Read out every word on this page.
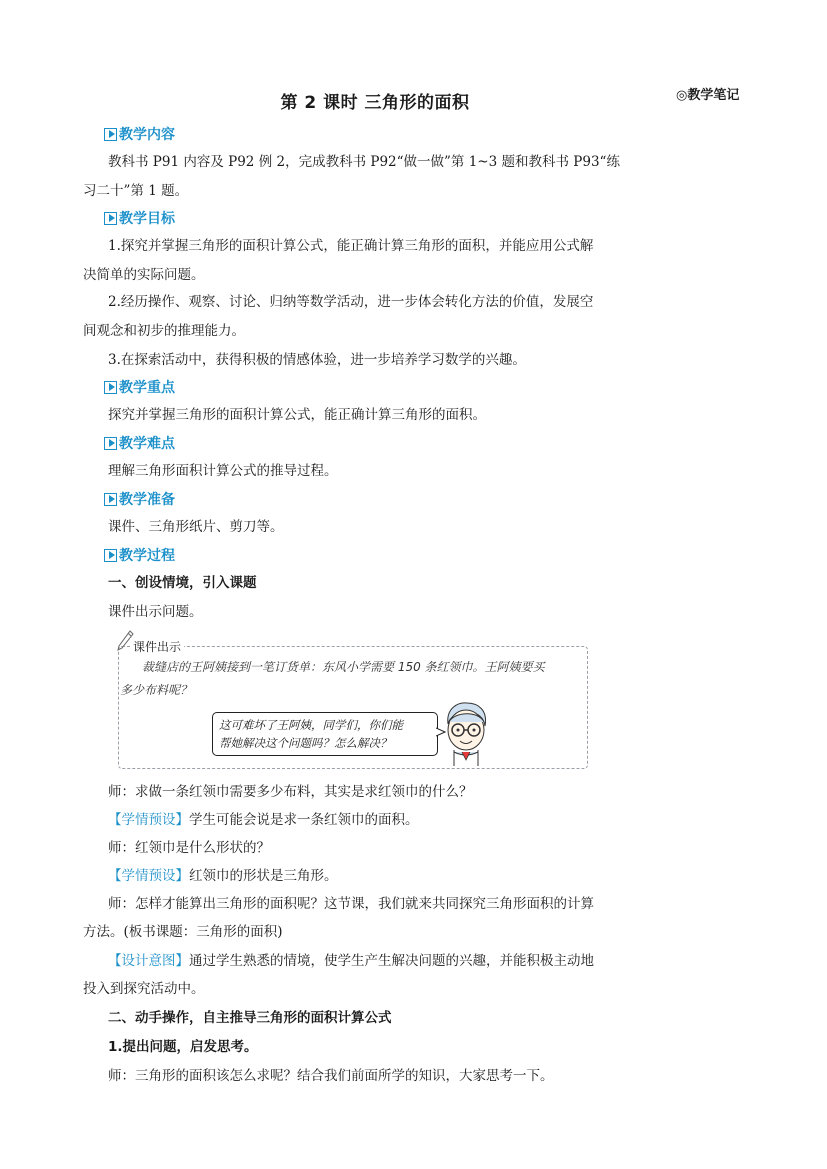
第 2 课时 三角形的面积	◎教学笔记
教学内容
教科书 P91 内容及 P92 例 2，完成教科书 P92“做一做”第 1~3 题和教科书 P93“练
习二十”第 1 题。
教学目标
1.探究并掌握三角形的面积计算公式，能正确计算三角形的面积，并能应用公式解
决简单的实际问题。
2.经历操作、观察、讨论、归纳等数学活动，进一步体会转化方法的价值，发展空
间观念和初步的推理能力。
3.在探索活动中，获得积极的情感体验，进一步培养学习数学的兴趣。
教学重点
探究并掌握三角形的面积计算公式，能正确计算三角形的面积。
教学难点
理解三角形面积计算公式的推导过程。
教学准备
课件、三角形纸片、剪刀等。
教学过程
一、创设情境，引入课题
课件出示问题。
课件出示
裁缝店的王阿姨接到一笔订货单：东风小学需要 150 条红领巾。王阿姨要买
多少布料呢？
这可难坏了王阿姨，同学们，你们能
帮她解决这个问题吗？怎么解决？
师：求做一条红领巾需要多少布料，其实是求红领巾的什么？
【学情预设】学生可能会说是求一条红领巾的面积。
师：红领巾是什么形状的？
【学情预设】红领巾的形状是三角形。
师：怎样才能算出三角形的面积呢？这节课，我们就来共同探究三角形面积的计算
方法。(板书课题：三角形的面积)
【设计意图】通过学生熟悉的情境，使学生产生解决问题的兴趣，并能积极主动地
投入到探究活动中。
二、动手操作，自主推导三角形的面积计算公式
1.提出问题，启发思考。
师：三角形的面积该怎么求呢？结合我们前面所学的知识，大家思考一下。
